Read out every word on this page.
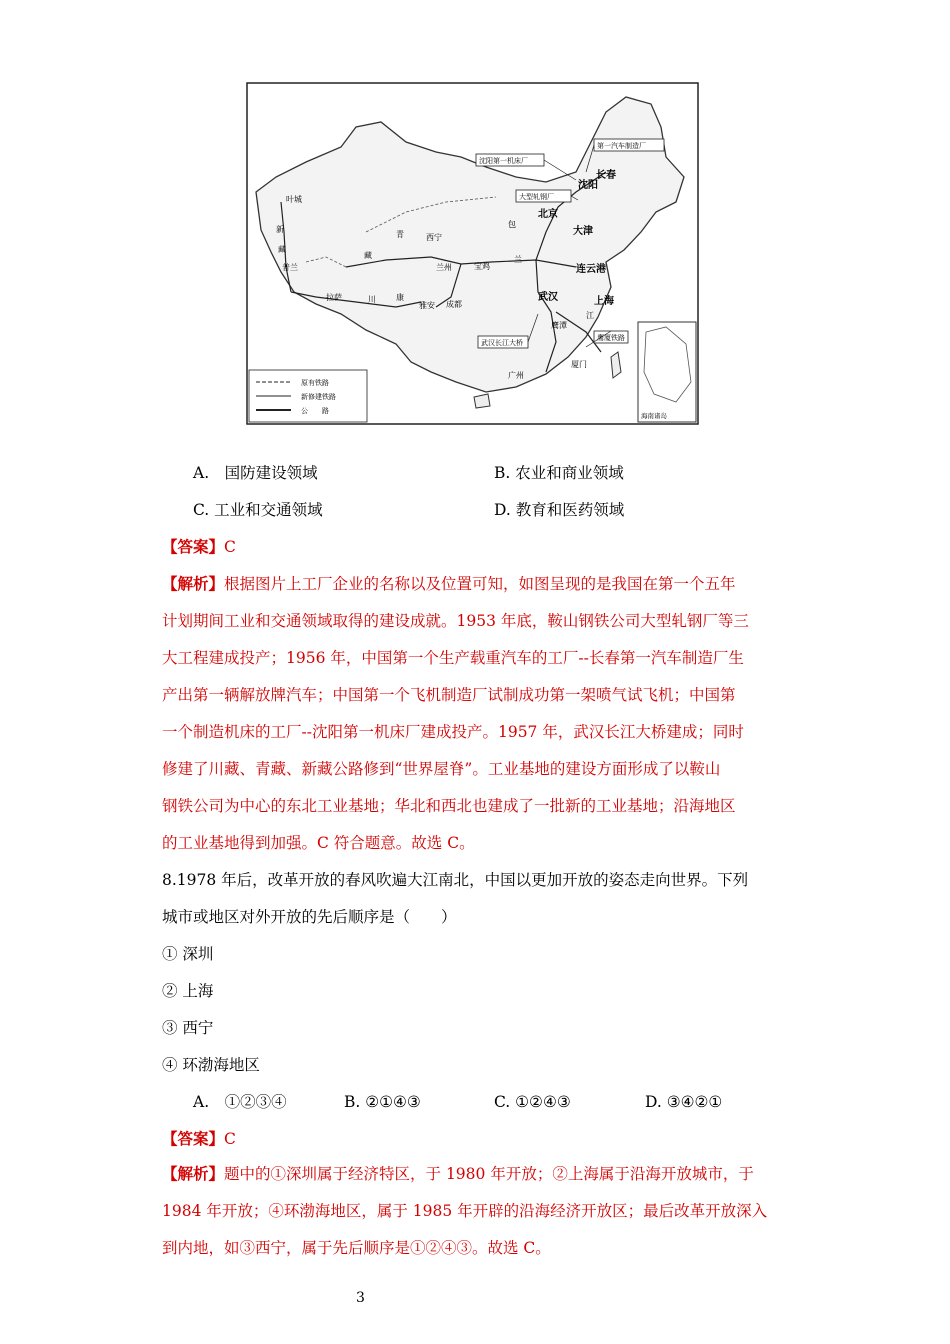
海南诸岛
沈阳第一机床厂
第一汽车制造厂
大型轧钢厂
武汉长江大桥
鹰厦铁路
沈阳
长春
北京
大津
连云港
上海
武汉
鹰潭
厦门
广州
西宁
兰州	宝鸡
成都
雅安
拉萨
叶城
新
藏
普兰
青
藏
康
包
兰
川
江
原有铁路
新修建铁路
公　　路
A.　国防建设领域	B. 农业和商业领域
C. 工业和交通领域	D. 教育和医药领域
【答案】C
【解析】根据图片上工厂企业的名称以及位置可知，如图呈现的是我国在第一个五年
计划期间工业和交通领域取得的建设成就。1953 年底，鞍山钢铁公司大型轧钢厂等三
大工程建成投产；1956 年，中国第一个生产载重汽车的工厂--长春第一汽车制造厂生
产出第一辆解放牌汽车；中国第一个飞机制造厂试制成功第一架喷气试飞机；中国第
一个制造机床的工厂--沈阳第一机床厂建成投产。1957 年，武汉长江大桥建成；同时
修建了川藏、青藏、新藏公路修到“世界屋脊”。工业基地的建设方面形成了以鞍山
钢铁公司为中心的东北工业基地；华北和西北也建成了一批新的工业基地；沿海地区
的工业基地得到加强。C 符合题意。故选 C。
8.1978 年后，改革开放的春风吹遍大江南北，中国以更加开放的姿态走向世界。下列
城市或地区对外开放的先后顺序是（　　）
① 深圳
② 上海
③ 西宁
④ 环渤海地区
A.　①②③④	B. ②①④③	C. ①②④③	D. ③④②①
【答案】C
【解析】题中的①深圳属于经济特区，于 1980 年开放；②上海属于沿海开放城市，于
1984 年开放；④环渤海地区，属于 1985 年开辟的沿海经济开放区；最后改革开放深入
到内地，如③西宁，属于先后顺序是①②④③。故选 C。
3
